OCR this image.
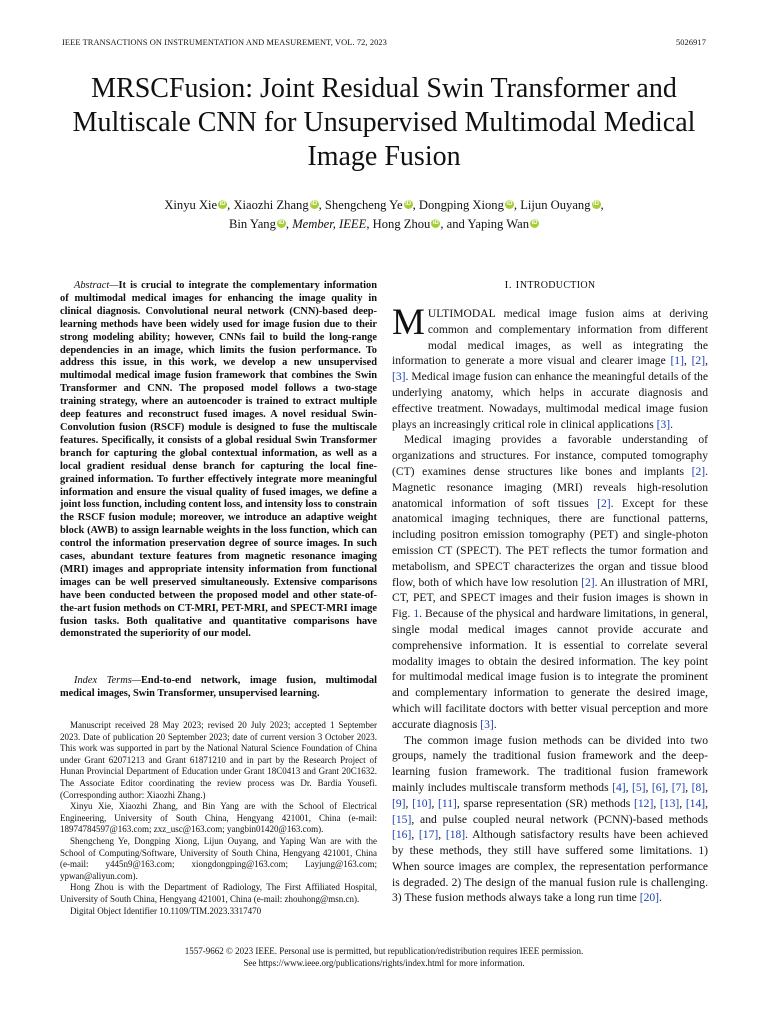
IEEE TRANSACTIONS ON INSTRUMENTATION AND MEASUREMENT, VOL. 72, 2023	5026917
MRSCFusion: Joint Residual Swin Transformer and Multiscale CNN for Unsupervised Multimodal Medical Image Fusion
Xinyu Xie iD , Xiaozhi Zhang iD , Shengcheng Ye iD , Dongping Xiong iD , Lijun Ouyang iD ,
Bin Yang iD , Member, IEEE, Hong Zhou iD , and Yaping Wan iD

Abstract—It is crucial to integrate the complementary information of multimodal medical images for enhancing the image quality in clinical diagnosis. Convolutional neural network (CNN)-based deep-learning methods have been widely used for image fusion due to their strong modeling ability; however, CNNs fail to build the long-range dependencies in an image, which limits the fusion performance. To address this issue, in this work, we develop a new unsupervised multimodal medical image fusion framework that combines the Swin Transformer and CNN. The proposed model follows a two-stage training strategy, where an autoencoder is trained to extract multiple deep features and reconstruct fused images. A novel residual Swin-Convolution fusion (RSCF) module is designed to fuse the multiscale features. Specifically, it consists of a global residual Swin Transformer branch for capturing the global contextual information, as well as a local gradient residual dense branch for capturing the local fine-grained information. To further effectively integrate more meaningful information and ensure the visual quality of fused images, we define a joint loss function, including content loss, and intensity loss to constrain the RSCF fusion module; moreover, we introduce an adaptive weight block (AWB) to assign learnable weights in the loss function, which can control the information preservation degree of source images. In such cases, abundant texture features from magnetic resonance imaging (MRI) images and appropriate intensity information from functional images can be well preserved simultaneously. Extensive comparisons have been conducted between the proposed model and other state-of-the-art fusion methods on CT-MRI, PET-MRI, and SPECT-MRI image fusion tasks. Both qualitative and quantitative comparisons have demonstrated the superiority of our model.

Index Terms—End-to-end network, image fusion, multimodal medical images, Swin Transformer, unsupervised learning.

Manuscript received 28 May 2023; revised 20 July 2023; accepted 1 September 2023. Date of publication 20 September 2023; date of current version 3 October 2023. This work was supported in part by the National Natural Science Foundation of China under Grant 62071213 and Grant 61871210 and in part by the Research Project of Hunan Provincial Department of Education under Grant 18C0413 and Grant 20C1632. The Associate Editor coordinating the review process was Dr. Bardia Yousefi. (Corresponding author: Xiaozhi Zhang.)

Xinyu Xie, Xiaozhi Zhang, and Bin Yang are with the School of Electrical Engineering, University of South China, Hengyang 421001, China (e-mail: 18974784597@163.com; zxz_usc@163.com; yangbin01420@163.com).

Shengcheng Ye, Dongping Xiong, Lijun Ouyang, and Yaping Wan are with the School of Computing/Software, University of South China, Hengyang 421001, China (e-mail: y445n9@163.com; xiongdongping@163.com; Layjung@163.com; ypwan@aliyun.com).

Hong Zhou is with the Department of Radiology, The First Affiliated Hospital, University of South China, Hengyang 421001, China (e-mail: zhouhong@msn.cn).

Digital Object Identifier 10.1109/TIM.2023.3317470

I. INTRODUCTION

MULTIMODAL medical image fusion aims at deriving common and complementary information from different modal medical images, as well as integrating the information to generate a more visual and clearer image [1], [2], [3]. Medical image fusion can enhance the meaningful details of the underlying anatomy, which helps in accurate diagnosis and effective treatment. Nowadays, multimodal medical image fusion plays an increasingly critical role in clinical applications [3].

Medical imaging provides a favorable understanding of organizations and structures. For instance, computed tomography (CT) examines dense structures like bones and implants [2]. Magnetic resonance imaging (MRI) reveals high-resolution anatomical information of soft tissues [2]. Except for these anatomical imaging techniques, there are functional patterns, including positron emission tomography (PET) and single-photon emission CT (SPECT). The PET reflects the tumor formation and metabolism, and SPECT characterizes the organ and tissue blood flow, both of which have low resolution [2]. An illustration of MRI, CT, PET, and SPECT images and their fusion images is shown in Fig. 1. Because of the physical and hardware limitations, in general, single modal medical images cannot provide accurate and comprehensive information. It is essential to correlate several modality images to obtain the desired information. The key point for multimodal medical image fusion is to integrate the prominent and complementary information to generate the desired image, which will facilitate doctors with better visual perception and more accurate diagnosis [3].

The common image fusion methods can be divided into two groups, namely the traditional fusion framework and the deep-learning fusion framework. The traditional fusion framework mainly includes multiscale transform methods [4], [5], [6], [7], [8], [9], [10], [11], sparse representation (SR) methods [12], [13], [14], [15], and pulse coupled neural network (PCNN)-based methods [16], [17], [18]. Although satisfactory results have been achieved by these methods, they still have suffered some limitations. 1) When source images are complex, the representation performance is degraded. 2) The design of the manual fusion rule is challenging. 3) These fusion methods always take a long run time [20].

1557-9662 © 2023 IEEE. Personal use is permitted, but republication/redistribution requires IEEE permission.
See https://www.ieee.org/publications/rights/index.html for more information.
